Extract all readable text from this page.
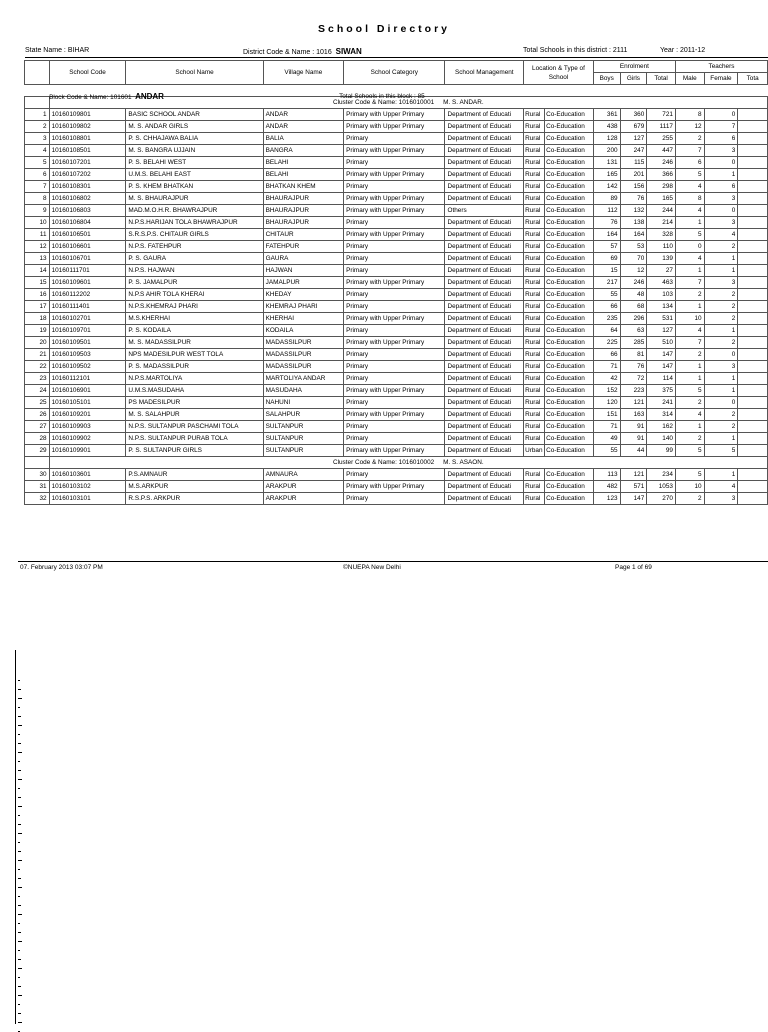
School Directory
State Name : BIHAR	District Code & Name : 1016 SIWAN	Total Schools in this district : 2111	Year : 2011-12
	School Code	School Name	Village Name	School Category	School Management	Location & Type of School		Enrolment			Teachers		
								Boys	Girls	Total	Male	Female	Tota

	Block Code & Name: 101601 ANDAR Total Schools in this block : 85												

	Cluster Code & Name: 1016010001 M. S. ANDAR.												
1	10160109801	BASIC SCHOOL ANDAR	ANDAR	Primary with Upper Primary	Department of Educati	Rural	Co-Education	361	360	721	8	0	
2	10160109802	M. S. ANDAR GIRLS	ANDAR	Primary with Upper Primary	Department of Educati	Rural	Co-Education	438	679	1117	12	7	
3	10160108801	P. S. CHHAJAWA BALIA	BALIA	Primary	Department of Educati	Rural	Co-Education	128	127	255	2	6	
4	10160108501	M. S. BANGRA UJJAIN	BANGRA	Primary with Upper Primary	Department of Educati	Rural	Co-Education	200	247	447	7	3	
5	10160107201	P. S. BELAHI WEST	BELAHI	Primary	Department of Educati	Rural	Co-Education	131	115	246	6	0	
6	10160107202	U.M.S. BELAHI EAST	BELAHI	Primary with Upper Primary	Department of Educati	Rural	Co-Education	165	201	366	5	1	
7	10160108301	P. S. KHEM BHATKAN	BHATKAN KHEM	Primary	Department of Educati	Rural	Co-Education	142	156	298	4	6	
8	10160106802	M. S. BHAURAJPUR	BHAURAJPUR	Primary with Upper Primary	Department of Educati	Rural	Co-Education	89	76	165	8	3	
9	10160106803	MAD.M.O.H.R. BHAWRAJPUR	BHAURAJPUR	Primary with Upper Primary	Others	Rural	Co-Education	112	132	244	4	0	
10	10160106804	N.P.S.HARIJAN TOLA BHAWRAJPUR	BHAURAJPUR	Primary	Department of Educati	Rural	Co-Education	76	138	214	1	3	
11	10160106501	S.R.S.P.S. CHITAUR GIRLS	CHITAUR	Primary with Upper Primary	Department of Educati	Rural	Co-Education	164	164	328	5	4	
12	10160106601	N.P.S. FATEHPUR	FATEHPUR	Primary	Department of Educati	Rural	Co-Education	57	53	110	0	2	
13	10160106701	P. S. GAURA	GAURA	Primary	Department of Educati	Rural	Co-Education	69	70	139	4	1	
14	10160111701	N.P.S. HAJWAN	HAJWAN	Primary	Department of Educati	Rural	Co-Education	15	12	27	1	1	
15	10160109601	P. S. JAMALPUR	JAMALPUR	Primary with Upper Primary	Department of Educati	Rural	Co-Education	217	246	463	7	3	
16	10160112202	N.P.S AHIR TOLA KHERAI	KHEDAY	Primary	Department of Educati	Rural	Co-Education	55	48	103	2	2	
17	10160111401	N.P.S.KHEMRAJ PHARI	KHEMRAJ PHARI	Primary	Department of Educati	Rural	Co-Education	66	68	134	1	2	
18	10160102701	M.S.KHERHAI	KHERHAI	Primary with Upper Primary	Department of Educati	Rural	Co-Education	235	296	531	10	2	
19	10160109701	P. S. KODAILA	KODAILA	Primary	Department of Educati	Rural	Co-Education	64	63	127	4	1	
20	10160109501	M. S. MADASSILPUR	MADASSILPUR	Primary with Upper Primary	Department of Educati	Rural	Co-Education	225	285	510	7	2	
21	10160109503	NPS MADESILPUR WEST TOLA	MADASSILPUR	Primary	Department of Educati	Rural	Co-Education	66	81	147	2	0	
22	10160109502	P. S. MADASSILPUR	MADASSILPUR	Primary	Department of Educati	Rural	Co-Education	71	76	147	1	3	
23	10160112101	N.P.S.MARTOLIYA	MARTOLIYA ANDAR	Primary	Department of Educati	Rural	Co-Education	42	72	114	1	1	
24	10160106901	U.M.S.MASUDAHA	MASUDAHA	Primary with Upper Primary	Department of Educati	Rural	Co-Education	152	223	375	5	1	
25	10160105101	PS MADESILPUR	NAHUNI	Primary	Department of Educati	Rural	Co-Education	120	121	241	2	0	
26	10160109201	M. S. SALAHPUR	SALAHPUR	Primary with Upper Primary	Department of Educati	Rural	Co-Education	151	163	314	4	2	
27	10160109903	N.P.S. SULTANPUR PASCHAMI TOLA	SULTANPUR	Primary	Department of Educati	Rural	Co-Education	71	91	162	1	2	
28	10160109902	N.P.S. SULTANPUR PURAB TOLA	SULTANPUR	Primary	Department of Educati	Rural	Co-Education	49	91	140	2	1	
29	10160109901	P. S. SULTANPUR GIRLS	SULTANPUR	Primary with Upper Primary	Department of Educati	Urban	Co-Education	55	44	99	5	5	
	Cluster Code & Name: 1016010002 M. S. ASAON.												
30	10160103601	P.S.AMNAUR	AMNAURA	Primary	Department of Educati	Rural	Co-Education	113	121	234	5	1	
31	10160103102	M.S.ARKPUR	ARAKPUR	Primary with Upper Primary	Department of Educati	Rural	Co-Education	482	571	1053	10	4	
32	10160103101	R.S.P.S. ARKPUR	ARAKPUR	Primary	Department of Educati	Rural	Co-Education	123	147	270	2	3	
07. February 2013 03:07 PM	©NUEPA New Delhi	Page 1 of 69
